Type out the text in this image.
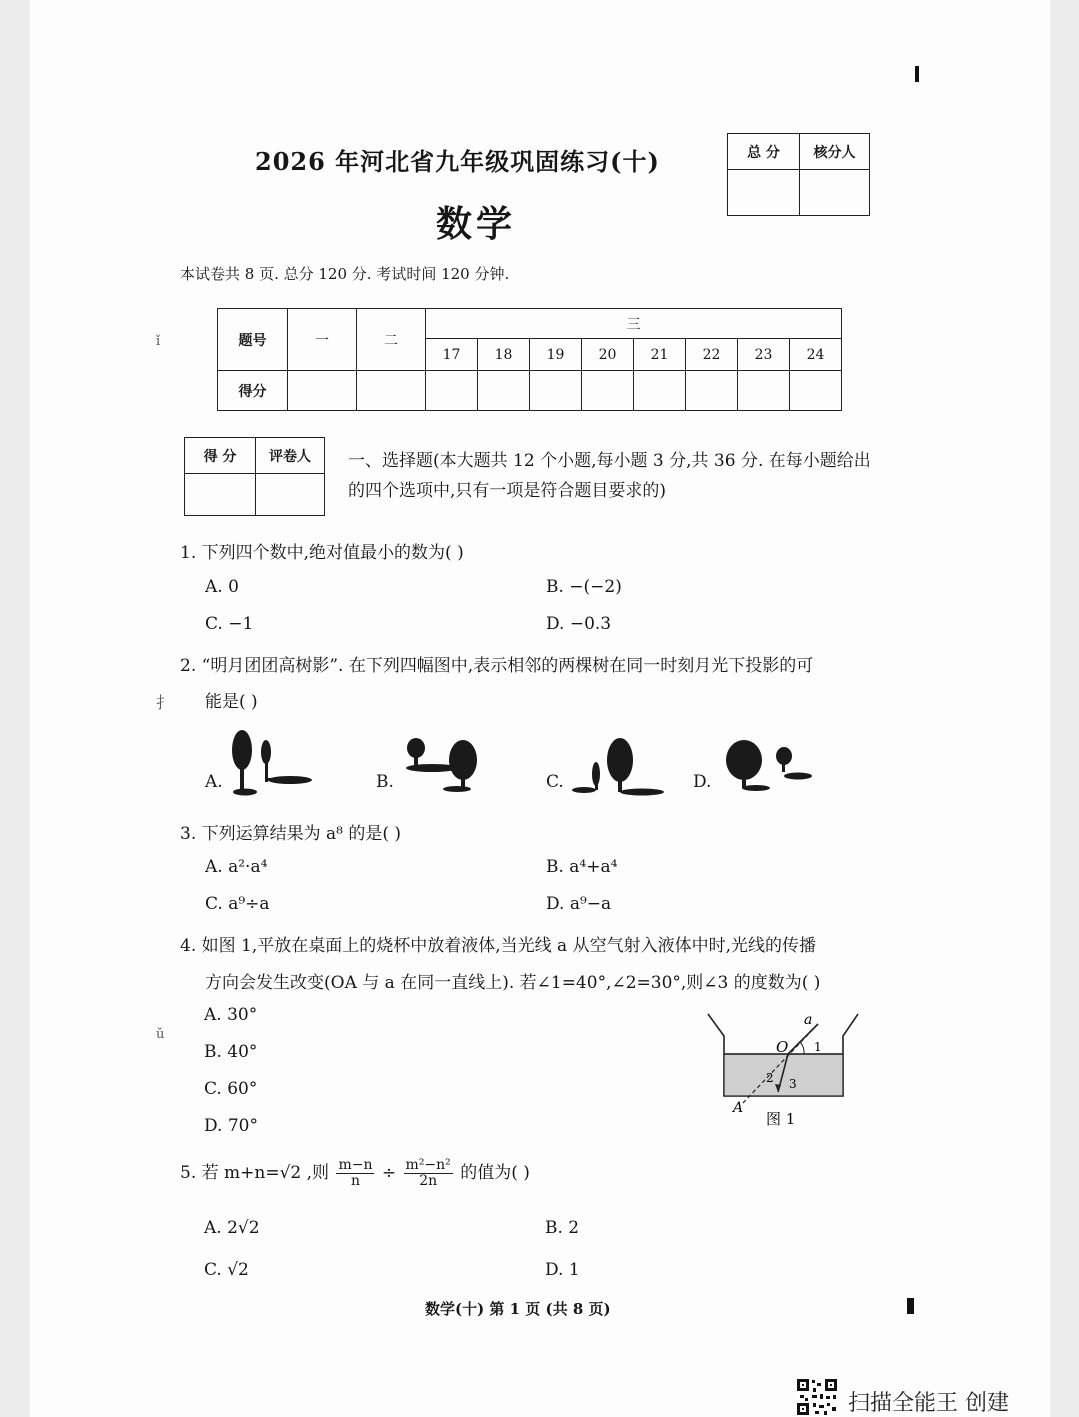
ǐ
扌
ǔ
2026 年河北省九年级巩固练习(十)
数学
本试卷共 8 页. 总分 120 分. 考试时间 120 分钟.
总 分	核分人

题号	一	二	三							
			17	18	19	20	21	22	23	24
得分										
得 分	评卷人
	一、选择题(本大题共 12 个小题,每小题 3 分,共 36 分. 在每小题给出的四个选项中,只有一项是符合题目要求的)
1. 下列四个数中,绝对值最小的数为( )
A. 0	B. −(−2)
C. −1	D. −0.3
2. “明月团团高树影”. 在下列四幅图中,表示相邻的两棵树在同一时刻月光下投影的可
能是( )
A.	B.	C.	D.
3. 下列运算结果为 a⁸ 的是( )
A. a²·a⁴	B. a⁴+a⁴
C. a⁹÷a	D. a⁹−a
4. 如图 1,平放在桌面上的烧杯中放着液体,当光线 a 从空气射入液体中时,光线的传播
方向会发生改变(OA 与 a 在同一直线上). 若∠1=40°,∠2=30°,则∠3 的度数为( )
A. 30°
B. 40°
C. 60°
D. 70°
a
O 1
2 3
A
图 1
5. 若 m+n=√2 ,则 $\frac{m-n}{n} \div \frac{\text{m²−n²}}{2n}$ 的值为( )
A. 2√2	B. 2
C. √2	D. 1
数学(十) 第 1 页 (共 8 页)
扫描全能王 创建
